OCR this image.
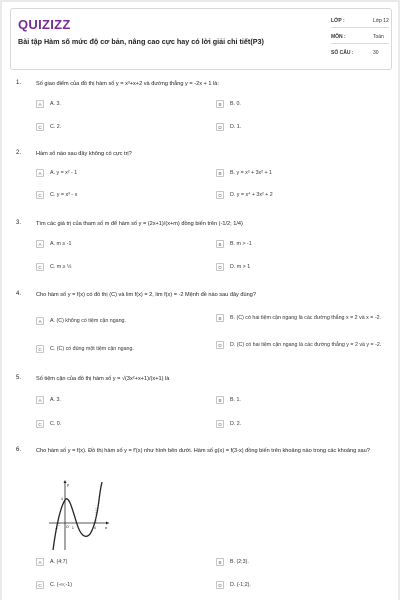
QUIZIZZ
Bài tập Hàm số mức độ cơ bản, nâng cao cực hay có lời giải chi tiết(P3)
LỚP :	Lớp 12
MÔN :	Toán
SỐ CÂU :	30
1.	Số giao điểm của đồ thị hàm số y = x³+x+2 và đường thẳng y = -2x + 1 là:
A	A. 3.	B	B. 0.
C	C. 2.	D	D. 1.
2.	Hàm số nào sau đây không có cực trị?
A	A. y = x² - 1	B	B. y = x³ + 3x² + 1
C	C. y = x³ - x	D	D. y = x⁴ + 3x² + 2
3.	Tìm các giá trị của tham số m để hàm số y = (2x+1)/(x+m) đồng biến trên (-1/2; 1/4)
A	A. m ≥ -1	B	B. m > -1
C	C. m ≥ ½	D	D. m > 1
4.	Cho hàm số y = f(x) có đồ thị (C) và lim f(x) = 2, lim f(x) = -2 Mệnh đề nào sau đây đúng?
A	A. (C) không có tiệm cận ngang.	B	B. (C) có hai tiệm cận ngang là các đường thẳng x = 2 và x = -2.
C	C. (C) có đúng một tiệm cận ngang.
D	D. (C) có hai tiệm cận ngang là các đường thẳng y = 2 và y = -2.
5.	Số tiệm cận của đồ thị hàm số y = √(3x²+x+1)/(x+1) là
A	A. 3.	B	B. 1.
C	C. 0.	D	D. 2.
6.	Cho hàm số y = f(x). Đồ thị hàm số y = f'(x) như hình bên dưới. Hàm số g(x) = f(3-x) đồng biến trên khoảng nào trong các khoảng sau?
A	A. (4;7)	B	B. (2;3).
C	C. (-∞;-1)	D	D. (-1;2).
y
x
O
-1	1	4
4
